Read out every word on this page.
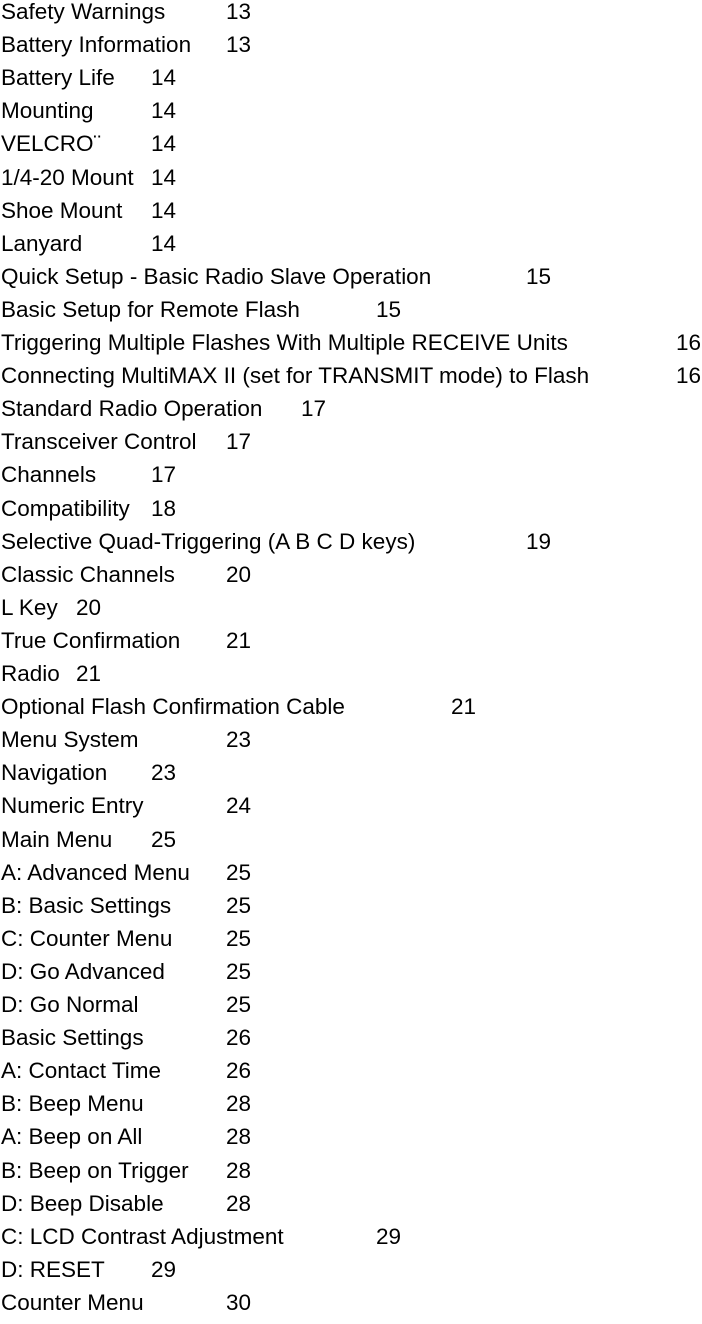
Safety Warnings	13
Battery Information 13
Battery Life 14
Mounting	14
VELCRO¨ 14
1/4-20 Mount 14
Shoe Mount 14
Lanyard	14
Quick Setup - Basic Radio Slave Operation	15
Basic Setup for Remote Flash	15
Triggering Multiple Flashes With Multiple RECEIVE Units	16
Connecting MultiMAX II (set for TRANSMIT mode) to Flash	16
Standard Radio Operation 17
Transceiver Control 17
Channels 17
Compatibility 18
Selective Quad-Triggering (A B C D keys)	19
Classic Channels 20
L Key 20
True Confirmation 21
Radio 21
Optional Flash Confirmation Cable	21
Menu System	23
Navigation 23
Numeric Entry	24
Main Menu 25
A: Advanced Menu 25
B: Basic Settings 25
C: Counter Menu 25
D: Go Advanced	25
D: Go Normal	25
Basic Settings	26
A: Contact Time	26
B: Beep Menu	28
A: Beep on All	28
B: Beep on Trigger 28
D: Beep Disable	28
C: LCD Contrast Adjustment	29
D: RESET 29
Counter Menu	30
